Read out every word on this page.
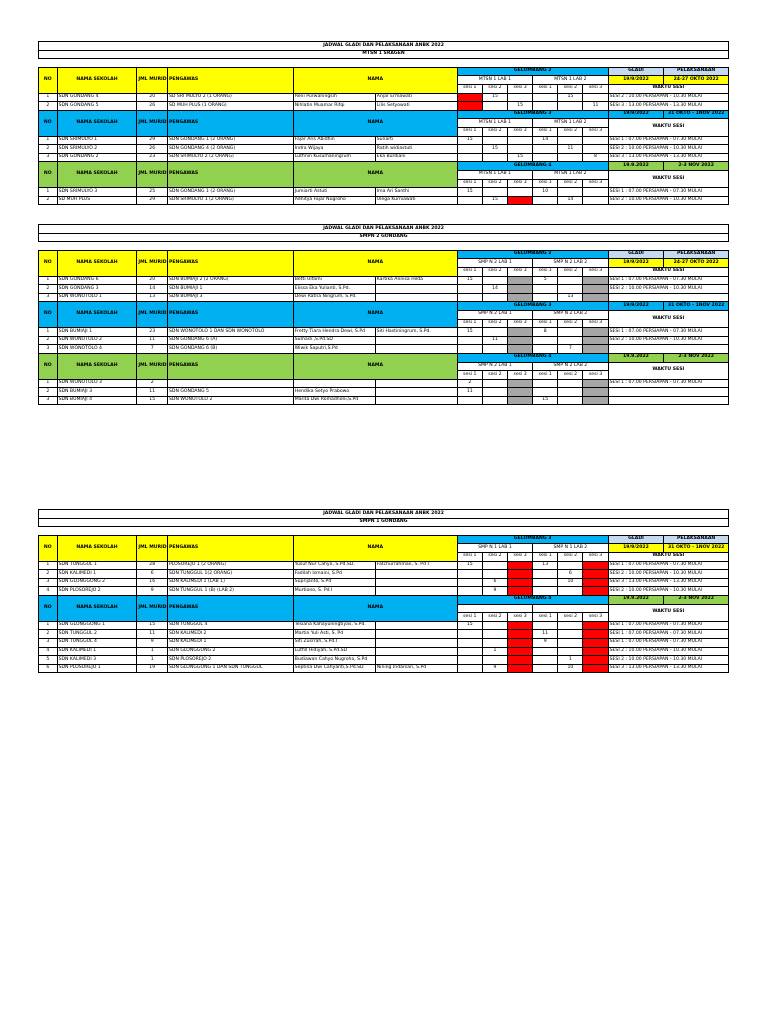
JADWAL GLADI DAN PELAKSANAAN ANBK 2022													
MTSN 1 SRAGEN													

NO	NAMA SEKOLAH	JML MURID	PENGAWAS	NAMA		GELOMBANG 2						GLADI	PELAKSANAAN
						MTSN 1 LAB 1			MTSN 1 LAB 2			19/9/2022	24-27 OKTO 2022
						sesi 1	sesi 2	sesi 3	sesi 1	sesi 2	sesi 3	WAKTU SESI	
1	SDN GONDANG 4	20	SD SRI MULYO 2 (1 ORANG)	Reni Purwaningsih	Anjar Ermawati		15			15		SESI 2 : 10.00 PERSIAPAN - 10.30 MULAI	
2	SDN GONDANG 5	26	SD MUH PLUS (1 ORANG)	Nihlatin Muamar Rifqi	Lilis Setyowati			15			11	SESI 3 : 13.00 PERSIAPAN - 13.30 MULAI	
NO	NAMA SEKOLAH	JML MURID	PENGAWAS	NAMA		GELOMBANG 3						19/9/2022	31 OKTO - 1NOV 2022
						MTSN 1 LAB 1			MTSN 1 LAB 2			WAKTU SESI	
						sesi 1	sesi 2	sesi 3	sesi 1	sesi 2	sesi 3		
1	SDN SRIMULYO 1	29	SDN GONDANG 1 (2 ORANG)	Fajar Aris Abidhin	Sunarti	15			14			SESI 1 : 07.00 PERSIAPAN - 07.30 MULAI	
2	SDN SRIMULYO 2	26	SDN GONDANG 4 (2 ORANG)	Indra Wijaya	Ratih widiastuti		15			11		SESI 2 : 10.00 PERSIAPAN - 10.30 MULAI	
3	SDN GONDANG 2	23	SDN SRIMULYO 2 (2 ORANG)	Lutfinin Kusumaningrum	Eka Burdiani			15			8	SESI 3 : 13.00 PERSIAPAN - 13.30 MULAI	
NO	NAMA SEKOLAH	JML MURID	PENGAWAS	NAMA		GELOMBANG 4						19.9.2022	2-3 NOV 2022
						MTSN 1 LAB 1			MTSN 1 LAB 2			WAKTU SESI	
						sesi 1	sesi 2	sesi 3	sesi 1	sesi 2	sesi 3		
1	SDN SRIMULYO 3	25	SDN GONDANG 1 (2 ORANG)	Jumiarti Astuti	Ima Ari Santhi	15			10			SESI 1 : 07.00 PERSIAPAN - 07.30 MULAI	
2	SD MUH PLUS	29	SDN SRIMULYO 1 (2 ORANG)	Adhitya Fajar Nugroho	Ulega Kurniawati		15			14		SESI 2 : 10.00 PERSIAPAN - 10.30 MULAI	
JADWAL GLADI DAN PELAKSANAAN ANBK 2022													
SMPN 2 GONDANG													

NO	NAMA SEKOLAH	JML MURID	PENGAWAS	NAMA		GELOMBANG 2						GLADI	PELAKSANAAN
						SMP N 2 LAB 1			SMP N 2 LAB 2			19/9/2022	24-27 OKTO 2022
						sesi 1	sesi 2	sesi 3	sesi 1	sesi 2	sesi 3	WAKTU SESI	
1	SDN GONDANG 6	20	SDN BUMIAJI 2 (2 ORANG)	Betti Ulfami	Kartika Annisa Hilda	15			5			SESI 1 : 07.00 PERSIAPAN - 07.30 MULAI	
2	SDN GONDANG 3	14	SDN BUMIAJI 1	Elissa Eka Yulianti, S.Pd.			14					SESI 2 : 10.00 PERSIAPAN - 10.30 MULAI	
3	SDN WONOTOLO 1	13	SDN BUMIAJI 3	Dewi Ratna Ningrum, S.Pd.						13			
NO	NAMA SEKOLAH	JML MURID	PENGAWAS	NAMA		GELOMBANG 3						19/9/2022	31 OKTO - 1NOV 2022
						SMP N 2 LAB 1			SMP N 2 LAB 2			WAKTU SESI	
						sesi 1	sesi 2	sesi 3	sesi 1	sesi 2	sesi 3		
1	SDN BUMIAJI 1	23	SDN WONOTOLO 1 DAN SDN WONOTOLO	Fretty Tiara Hendra Dewi, S.Pd	Siti Hastiningrum, S.Pd.	15			8			SESI 1 : 07.00 PERSIAPAN - 07.30 MULAI	
2	SDN WONOTOLO 2	11	SDN GONDANG 6 (A)	Sumadi ,S.Pd.SD			11					SESI 2 : 10.00 PERSIAPAN - 10.30 MULAI	
3	SDN WONOTOLO 4	7	SDN GONDANG 6 (B)	Wiwik Saputri,S.Pd						7			
NO	NAMA SEKOLAH	JML MURID	PENGAWAS	NAMA		GELOMBANG 4						19.9.2022	2-3 NOV 2022
						SMP N 2 LAB 1			SMP N 2 LAB 2			WAKTU SESI	
						sesi 1	sesi 2	sesi 3	sesi 1	sesi 2	sesi 3		
1	SDN WONOTOLO 3	2				2						SESI 1 : 07.00 PERSIAPAN - 07.30 MULAI	
2	SDN BUMIAJI 3	11	SDN GONDANG 5	Hendika Setyo Prabowo		11							
3	SDN BUMIAJI 4	15	SDN WONOTOLO 2	Marita Dwi Romadhoni,S.Pd					15				
JADWAL GLADI DAN PELAKSANAAN ANBK 2022													
SMPN 1 GONDANG													

NO	NAMA SEKOLAH	JML MURID	PENGAWAS	NAMA		GELOMBANG 3						GLADI	PELAKSANAAN
						SMP N 1 LAB 1			SMP N 1 LAB 2			19/9/2022	31 OKTO - 1NOV 2022
						sesi 1	sesi 2	sesi 3	sesi 1	sesi 2	sesi 3	WAKTU SESI	
1	SDN TUNGGUL 1	28	PLOSOREJO 1 (2 ORANG)	Yusuf Nur Cahyo, S.Pd.SD.	Fatchurrahman, S. Pd I	15			13			SESI 1 : 07.00 PERSIAPAN - 07.30 MULAI	
2	SDN KALIMEDI 1	6	SDN TUNGGUL 1(2 ORANG)	Fadilah Ismaini, S.Pd						6		SESI 2 : 10.00 PERSIAPAN - 10.30 MULAI	
3	SDN GLONGGONG 2	16	SDN KALIMEDI 1 (LAB 1)	Suprijanto, S.Pd			6			10		SESI 3 : 13.00 PERSIAPAN - 13.30 MULAI	
4	SDN PLOSOREJO 2	9	SDN TUNGGUL 1 (B) (LAB 2)	Murtiono, S. Pd I			9					SESI 2 : 10.00 PERSIAPAN - 10.30 MULAI	
NO	NAMA SEKOLAH	JML MURID	PENGAWAS	NAMA		GELOMBANG 4						19.9.2022	2-3 NOV 2022
												WAKTU SESI	
						sesi 1	sesi 2	sesi 3	sesi 1	sesi 2	sesi 3		
1	SDN GLONGGONG 1	15	SDN TUNGGUL 4	Tesiana Kahayuningtiyas, S.Pd.		15						SESI 1 : 07.00 PERSIAPAN - 07.30 MULAI	
2	SDN TUNGGUL 2	11	SDN KALIMEDI 2	Martin Yuli Asti, S. Pd					11			SESI 1 : 07.00 PERSIAPAN - 07.30 MULAI	
3	SDN TUNGGUL 4	9	SDN KALIMEDI 1	Siti Zusrrah, S.Pd.I					9			SESI 1 : 07.00 PERSIAPAN - 07.30 MULAI	
4	SDN KALIMEDI 1	1	SDN GLONGGONG 2	Lutfill Hidiyah, S.Pd.SD			1					SESI 2 : 10.00 PERSIAPAN - 10.30 MULAI	
5	SDN KALIMEDI 3	1	SDN PLOSOREJO 2	Budiawan Cahyo Nugroho, S.Pd						1		SESI 2 : 10.00 PERSIAPAN - 10.30 MULAI	
6	SDN PLOSOREJO 1	19	SDN GLONGGONG 1 DAN SDN TUNGGUL	Septina Dwi Cahyanti,S.Pd.SD	Nining Indarsari, S.Pd		9			10		SESI 3 : 13.00 PERSIAPAN - 13.30 MULAI	
